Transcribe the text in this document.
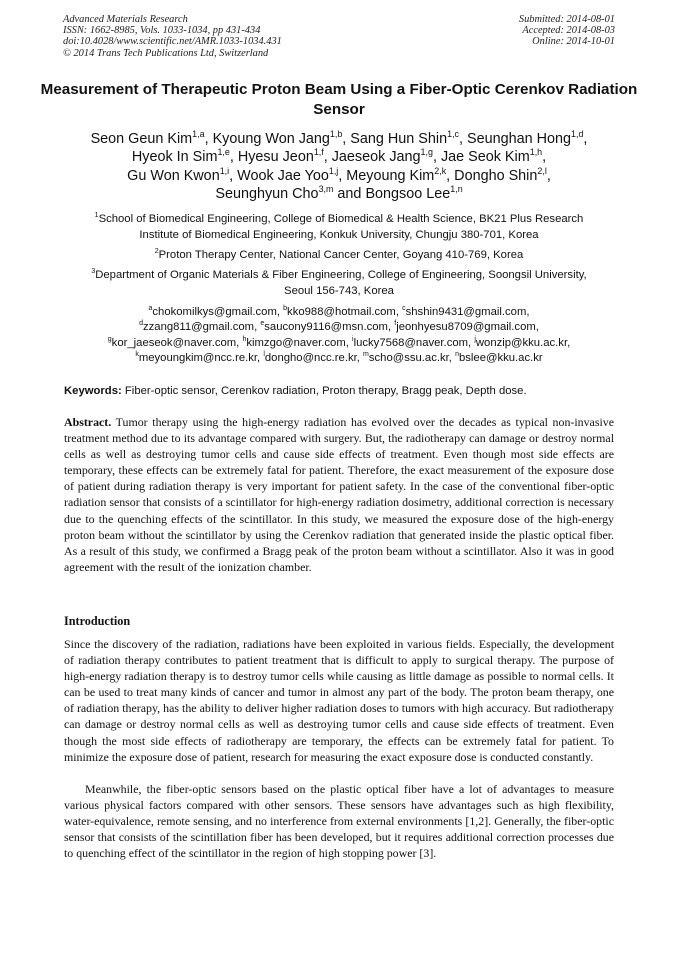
Advanced Materials Research
ISSN: 1662-8985, Vols. 1033-1034, pp 431-434
doi:10.4028/www.scientific.net/AMR.1033-1034.431
© 2014 Trans Tech Publications Ltd, Switzerland
Submitted: 2014-08-01
Accepted: 2014-08-03
Online: 2014-10-01
Measurement of Therapeutic Proton Beam Using a Fiber-Optic Cerenkov Radiation Sensor
Seon Geun Kim$^{1,a}$, Kyoung Won Jang$^{1,b}$, Sang Hun Shin$^{1,c}$, Seunghan Hong$^{1,d}$,
Hyeok In Sim$^{1,e}$, Hyesu Jeon$^{1,f}$, Jaeseok Jang$^{1,g}$, Jae Seok Kim$^{1,h}$,
Gu Won Kwon$^{1,i}$, Wook Jae Yoo$^{1,j}$, Meyoung Kim$^{2,k}$, Dongho Shin$^{2,l}$,
Seunghyun Cho$^{3,m}$ and Bongsoo Lee$^{1,n}$
$^1$School of Biomedical Engineering, College of Biomedical & Health Science, BK21 Plus Research
Institute of Biomedical Engineering, Konkuk University, Chungju 380-701, Korea
$^2$Proton Therapy Center, National Cancer Center, Goyang 410-769, Korea
$^3$Department of Organic Materials & Fiber Engineering, College of Engineering, Soongsil University,
Seoul 156-743, Korea
$^a$chokomilkys@gmail.com, $^b$kko988@hotmail.com, $^c$shshin9431@gmail.com,
$^d$zzang811@gmail.com, $^e$saucony9116@msn.com, $^f$jeonhyesu8709@gmail.com,
$^g$kor_jaeseok@naver.com, $^h$kimzgo@naver.com, $^i$lucky7568@naver.com, $^j$wonzip@kku.ac.kr,
$^k$meyoungkim@ncc.re.kr, $^l$dongho@ncc.re.kr, $^m$scho@ssu.ac.kr, $^n$bslee@kku.ac.kr
Keywords: Fiber-optic sensor, Cerenkov radiation, Proton therapy, Bragg peak, Depth dose.
Abstract. Tumor therapy using the high-energy radiation has evolved over the decades as typical non-invasive treatment method due to its advantage compared with surgery. But, the radiotherapy can damage or destroy normal cells as well as destroying tumor cells and cause side effects of treatment. Even though most side effects are temporary, these effects can be extremely fatal for patient. Therefore, the exact measurement of the exposure dose of patient during radiation therapy is very important for patient safety. In the case of the conventional fiber-optic radiation sensor that consists of a scintillator for high-energy radiation dosimetry, additional correction is necessary due to the quenching effects of the scintillator. In this study, we measured the exposure dose of the high-energy proton beam without the scintillator by using the Cerenkov radiation that generated inside the plastic optical fiber. As a result of this study, we confirmed a Bragg peak of the proton beam without a scintillator. Also it was in good agreement with the result of the ionization chamber.
Introduction
Since the discovery of the radiation, radiations have been exploited in various fields. Especially, the development of radiation therapy contributes to patient treatment that is difficult to apply to surgical therapy. The purpose of high-energy radiation therapy is to destroy tumor cells while causing as little damage as possible to normal cells. It can be used to treat many kinds of cancer and tumor in almost any part of the body. The proton beam therapy, one of radiation therapy, has the ability to deliver higher radiation doses to tumors with high accuracy. But radiotherapy can damage or destroy normal cells as well as destroying tumor cells and cause side effects of treatment. Even though the most side effects of radiotherapy are temporary, the effects can be extremely fatal for patient. To minimize the exposure dose of patient, research for measuring the exact exposure dose is conducted constantly.
Meanwhile, the fiber-optic sensors based on the plastic optical fiber have a lot of advantages to measure various physical factors compared with other sensors. These sensors have advantages such as high flexibility, water-equivalence, remote sensing, and no interference from external environments [1,2]. Generally, the fiber-optic sensor that consists of the scintillation fiber has been developed, but it requires additional correction processes due to quenching effect of the scintillator in the region of high stopping power [3].
